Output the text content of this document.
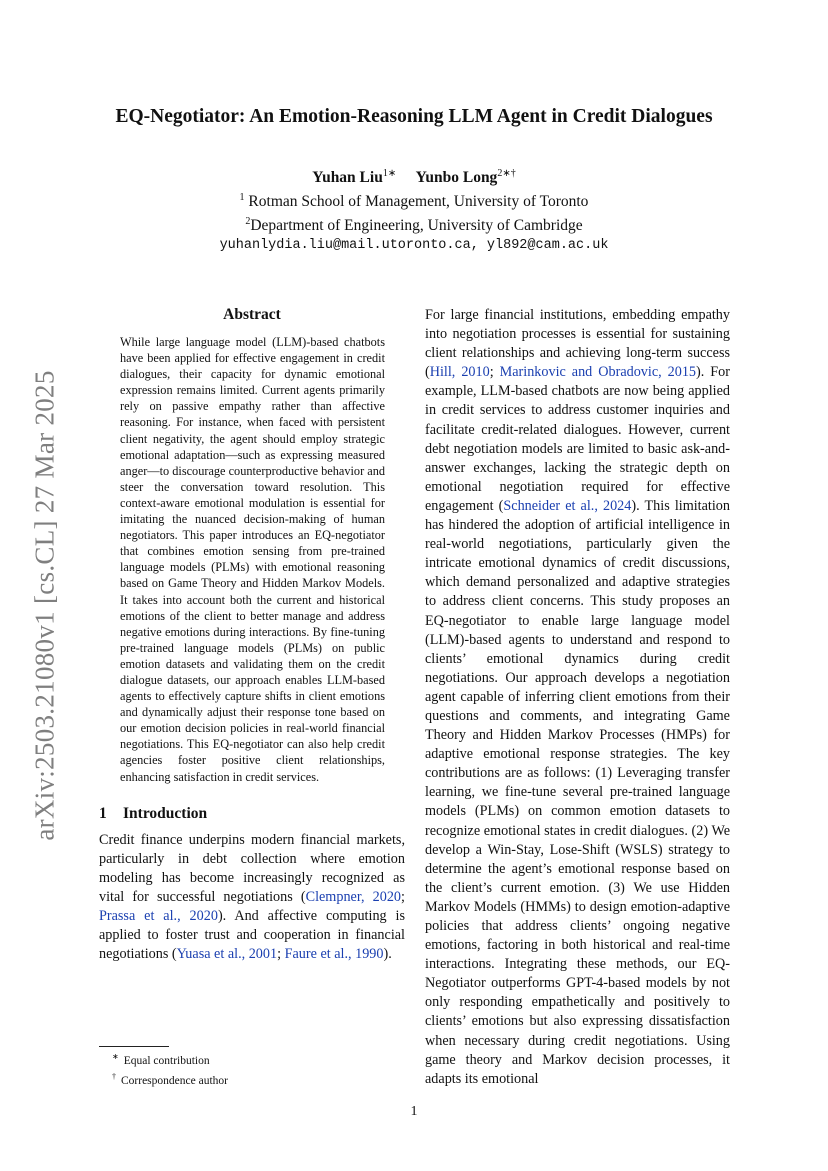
arXiv:2503.21080v1 [cs.CL] 27 Mar 2025
EQ-Negotiator: An Emotion-Reasoning LLM Agent in Credit Dialogues
Yuhan Liu$^{1∗}$ Yunbo Long$^{2∗\dagger}$
$^1$ Rotman School of Management, University of Toronto
$^2$Department of Engineering, University of Cambridge
yuhanlydia.liu@mail.utoronto.ca, yl892@cam.ac.uk
Abstract

While large language model (LLM)-based chatbots have been applied for effective engagement in credit dialogues, their capacity for dynamic emotional expression remains limited. Current agents primarily rely on passive empathy rather than affective reasoning. For instance, when faced with persistent client negativity, the agent should employ strategic emotional adaptation—such as expressing measured anger—to discourage counterproductive behavior and steer the conversation toward resolution. This context-aware emotional modulation is essential for imitating the nuanced decision-making of human negotiators. This paper introduces an EQ-negotiator that combines emotion sensing from pre-trained language models (PLMs) with emotional reasoning based on Game Theory and Hidden Markov Models. It takes into account both the current and historical emotions of the client to better manage and address negative emotions during interactions. By fine-tuning pre-trained language models (PLMs) on public emotion datasets and validating them on the credit dialogue datasets, our approach enables LLM-based agents to effectively capture shifts in client emotions and dynamically adjust their response tone based on our emotion decision policies in real-world financial negotiations. This EQ-negotiator can also help credit agencies foster positive client relationships, enhancing satisfaction in credit services.

1 Introduction

Credit finance underpins modern financial markets, particularly in debt collection where emotion modeling has become increasingly recognized as vital for successful negotiations (Clempner, 2020; Prassa et al., 2020). And affective computing is applied to foster trust and cooperation in financial negotiations (Yuasa et al., 2001; Faure et al., 1990).

∗ Equal contribution
† Correspondence author

For large financial institutions, embedding empathy into negotiation processes is essential for sustaining client relationships and achieving long-term success (Hill, 2010; Marinkovic and Obradovic, 2015). For example, LLM-based chatbots are now being applied in credit services to address customer inquiries and facilitate credit-related dialogues. However, current debt negotiation models are limited to basic ask-and-answer exchanges, lacking the strategic depth on emotional negotiation required for effective engagement (Schneider et al., 2024). This limitation has hindered the adoption of artificial intelligence in real-world negotiations, particularly given the intricate emotional dynamics of credit discussions, which demand personalized and adaptive strategies to address client concerns. This study proposes an EQ-negotiator to enable large language model (LLM)-based agents to understand and respond to clients’ emotional dynamics during credit negotiations. Our approach develops a negotiation agent capable of inferring client emotions from their questions and comments, and integrating Game Theory and Hidden Markov Processes (HMPs) for adaptive emotional response strategies. The key contributions are as follows: (1) Leveraging transfer learning, we fine-tune several pre-trained language models (PLMs) on common emotion datasets to recognize emotional states in credit dialogues. (2) We develop a Win-Stay, Lose-Shift (WSLS) strategy to determine the agent’s emotional response based on the client’s current emotion. (3) We use Hidden Markov Models (HMMs) to design emotion-adaptive policies that address clients’ ongoing negative emotions, factoring in both historical and real-time interactions. Integrating these methods, our EQ-Negotiator outperforms GPT-4-based models by not only responding empathetically and positively to clients’ emotions but also expressing dissatisfaction when necessary during credit negotiations. Using game theory and Markov decision processes, it adapts its emotional

1
